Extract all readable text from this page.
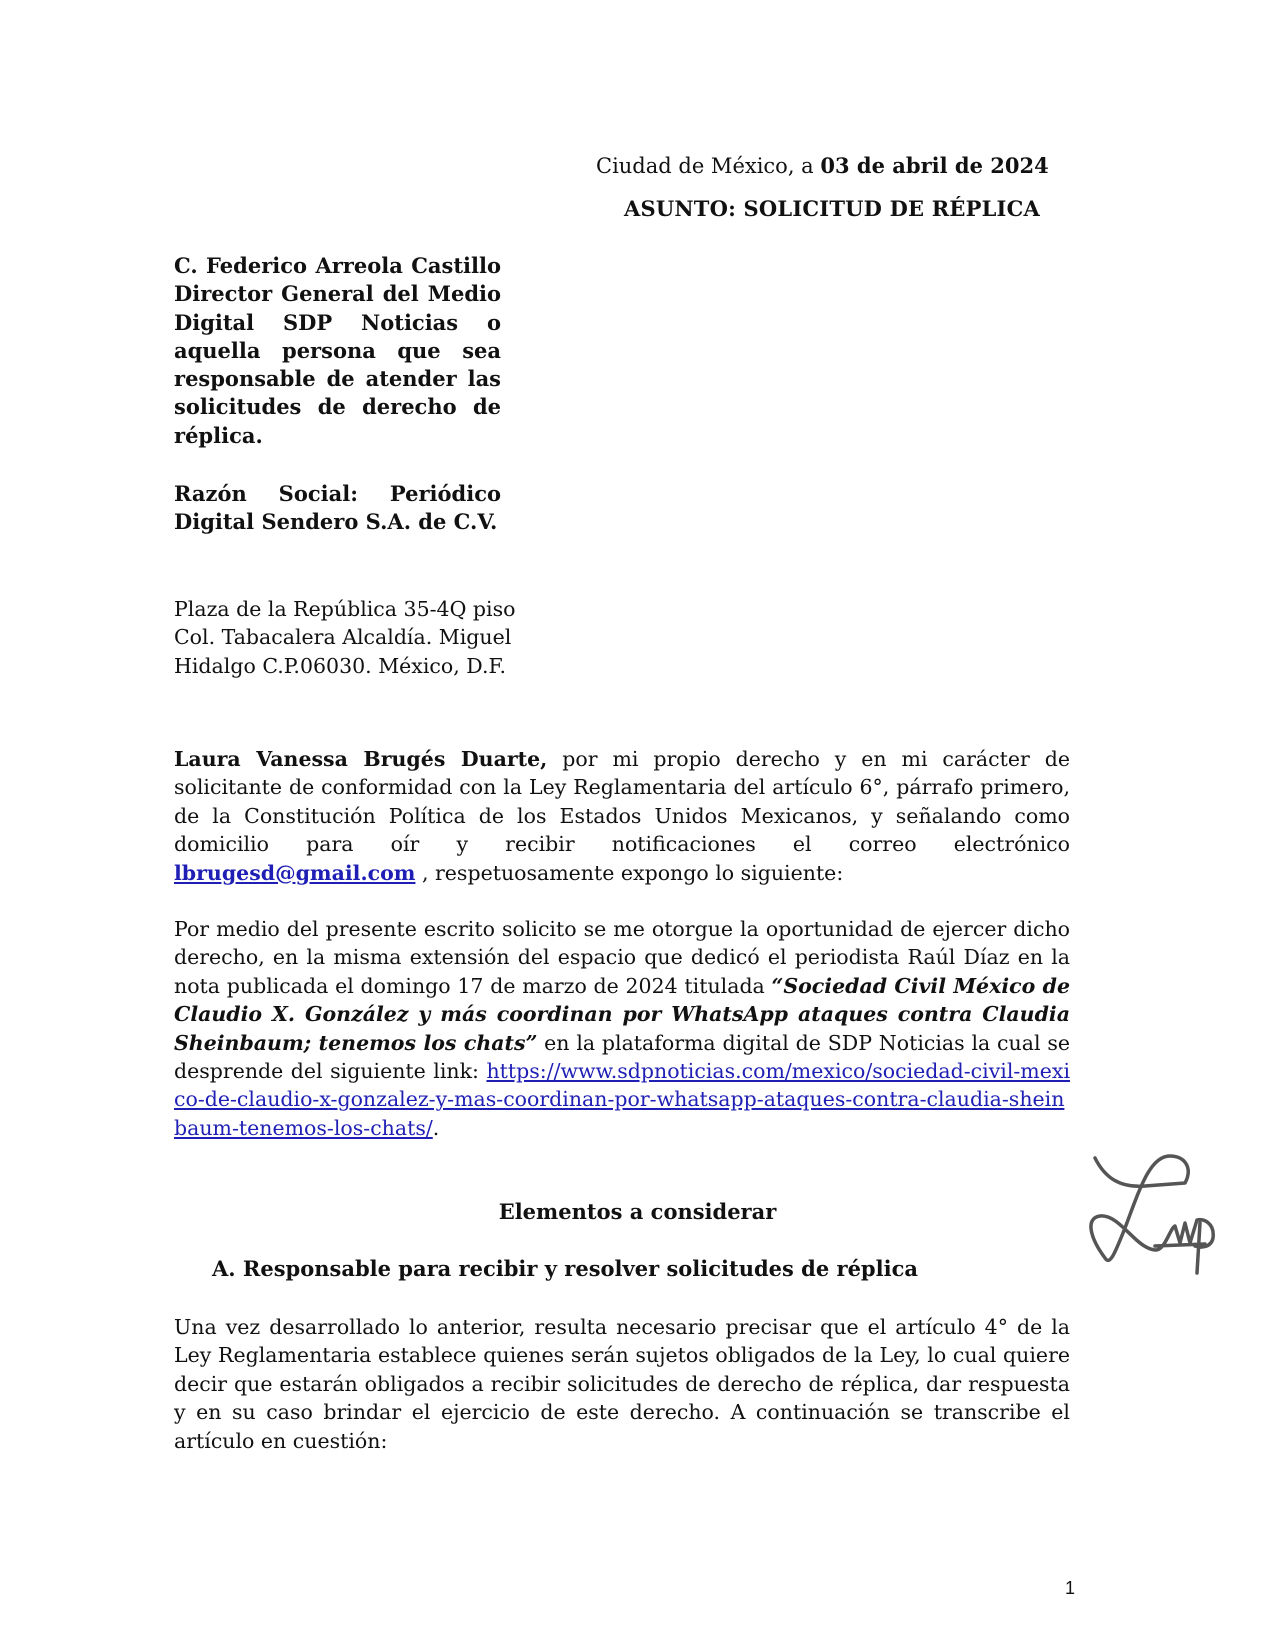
Ciudad de México, a 03 de abril de 2024
ASUNTO: SOLICITUD DE RÉPLICA

C. Federico Arreola Castillo Director General del Medio Digital SDP Noticias o aquella persona que sea responsable de atender las solicitudes de derecho de réplica.

Razón Social: Periódico Digital Sendero S.A. de C.V.

Plaza de la República 35-4Q piso
Col. Tabacalera Alcaldía. Miguel
Hidalgo C.P.06030. México, D.F.

Laura Vanessa Brugés Duarte, por mi propio derecho y en mi carácter de solicitante de conformidad con la Ley Reglamentaria del artículo 6°, párrafo primero, de la Constitución Política de los Estados Unidos Mexicanos, y señalando como domicilio para oír y recibir notificaciones el correo electrónico lbrugesd@gmail.com , respetuosamente expongo lo siguiente:

Por medio del presente escrito solicito se me otorgue la oportunidad de ejercer dicho derecho, en la misma extensión del espacio que dedicó el periodista Raúl Díaz en la nota publicada el domingo 17 de marzo de 2024 titulada “Sociedad Civil México de Claudio X. González y más coordinan por WhatsApp ataques contra Claudia Sheinbaum; tenemos los chats” en la plataforma digital de SDP Noticias la cual se desprende del siguiente link: https://www.sdpnoticias.com/mexico/sociedad-civil-mexico-de-claudio-x-gonzalez-y-mas-coordinan-por-whatsapp-ataques-contra-claudia-sheinbaum-tenemos-los-chats/.

Elementos a considerar
A. Responsable para recibir y resolver solicitudes de réplica

Una vez desarrollado lo anterior, resulta necesario precisar que el artículo 4° de la Ley Reglamentaria establece quienes serán sujetos obligados de la Ley, lo cual quiere decir que estarán obligados a recibir solicitudes de derecho de réplica, dar respuesta y en su caso brindar el ejercicio de este derecho. A continuación se transcribe el artículo en cuestión:

1
